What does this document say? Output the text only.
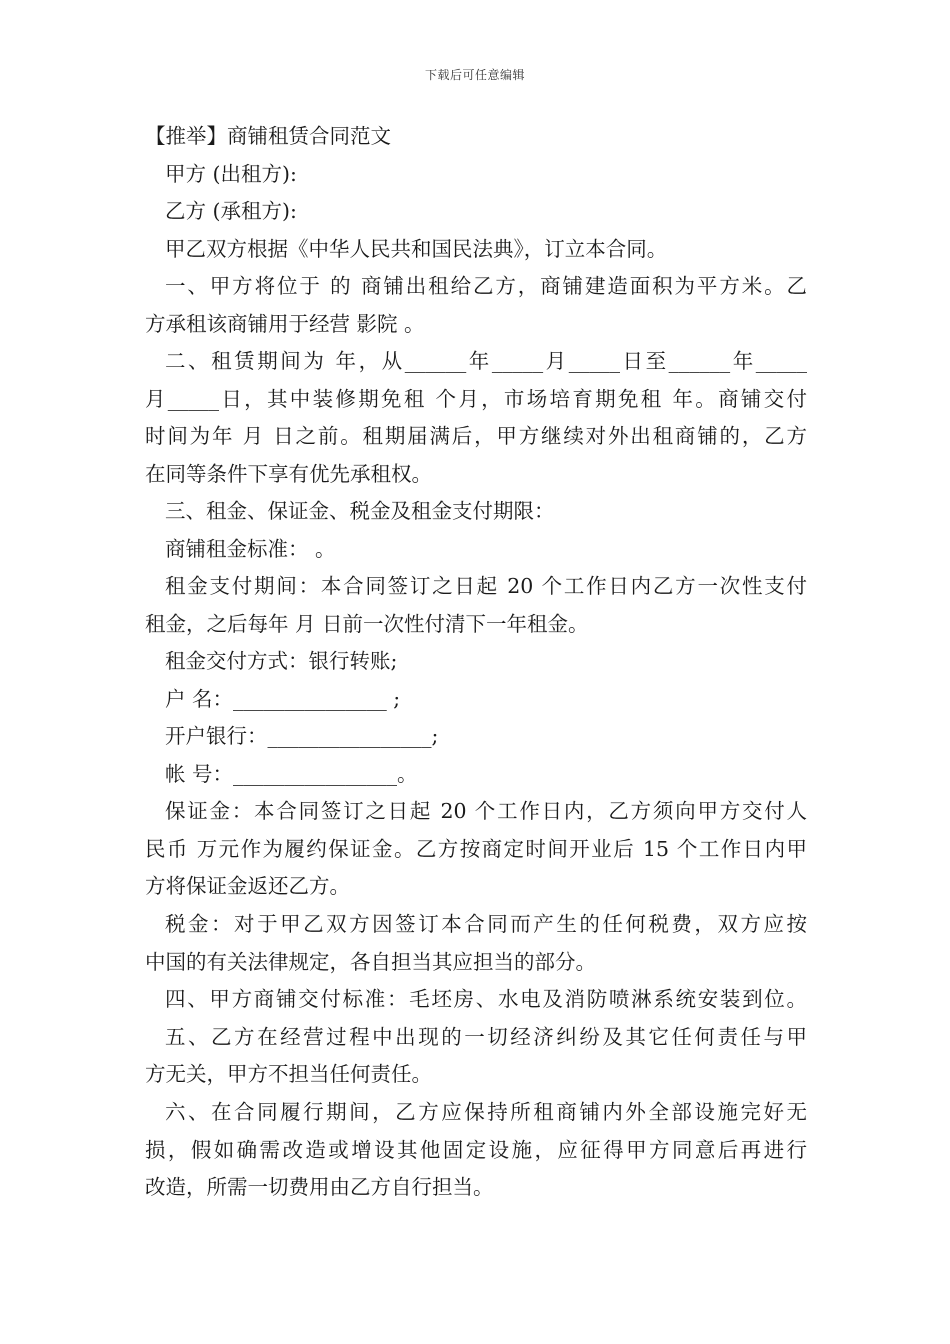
下载后可任意编辑
【推举】商铺租赁合同范文
甲方 (出租方):
乙方 (承租方):
甲乙双方根据《中华人民共和国民法典》，订立本合同。
一、甲方将位于 的 商铺出租给乙方，商铺建造面积为平方米。乙
方承租该商铺用于经营 影院 。
二、租赁期间为 年，从______年_____月_____日至______年_____
月_____日，其中装修期免租 个月，市场培育期免租 年。商铺交付
时间为年 月 日之前。租期届满后，甲方继续对外出租商铺的，乙方
在同等条件下享有优先承租权。
三、租金、保证金、税金及租金支付期限：
商铺租金标准： 。
租金支付期间：本合同签订之日起 20 个工作日内乙方一次性支付
租金，之后每年 月 日前一次性付清下一年租金。
租金交付方式：银行转账;
户 名：_______________ ;
开户银行：________________;
帐 号：________________。
保证金：本合同签订之日起 20 个工作日内，乙方须向甲方交付人
民币 万元作为履约保证金。乙方按商定时间开业后 15 个工作日内甲
方将保证金返还乙方。
税金：对于甲乙双方因签订本合同而产生的任何税费，双方应按
中国的有关法律规定，各自担当其应担当的部分。
四、甲方商铺交付标准：毛坯房、水电及消防喷淋系统安装到位。
五、乙方在经营过程中出现的一切经济纠纷及其它任何责任与甲
方无关，甲方不担当任何责任。
六、在合同履行期间，乙方应保持所租商铺内外全部设施完好无
损，假如确需改造或增设其他固定设施，应征得甲方同意后再进行
改造，所需一切费用由乙方自行担当。
